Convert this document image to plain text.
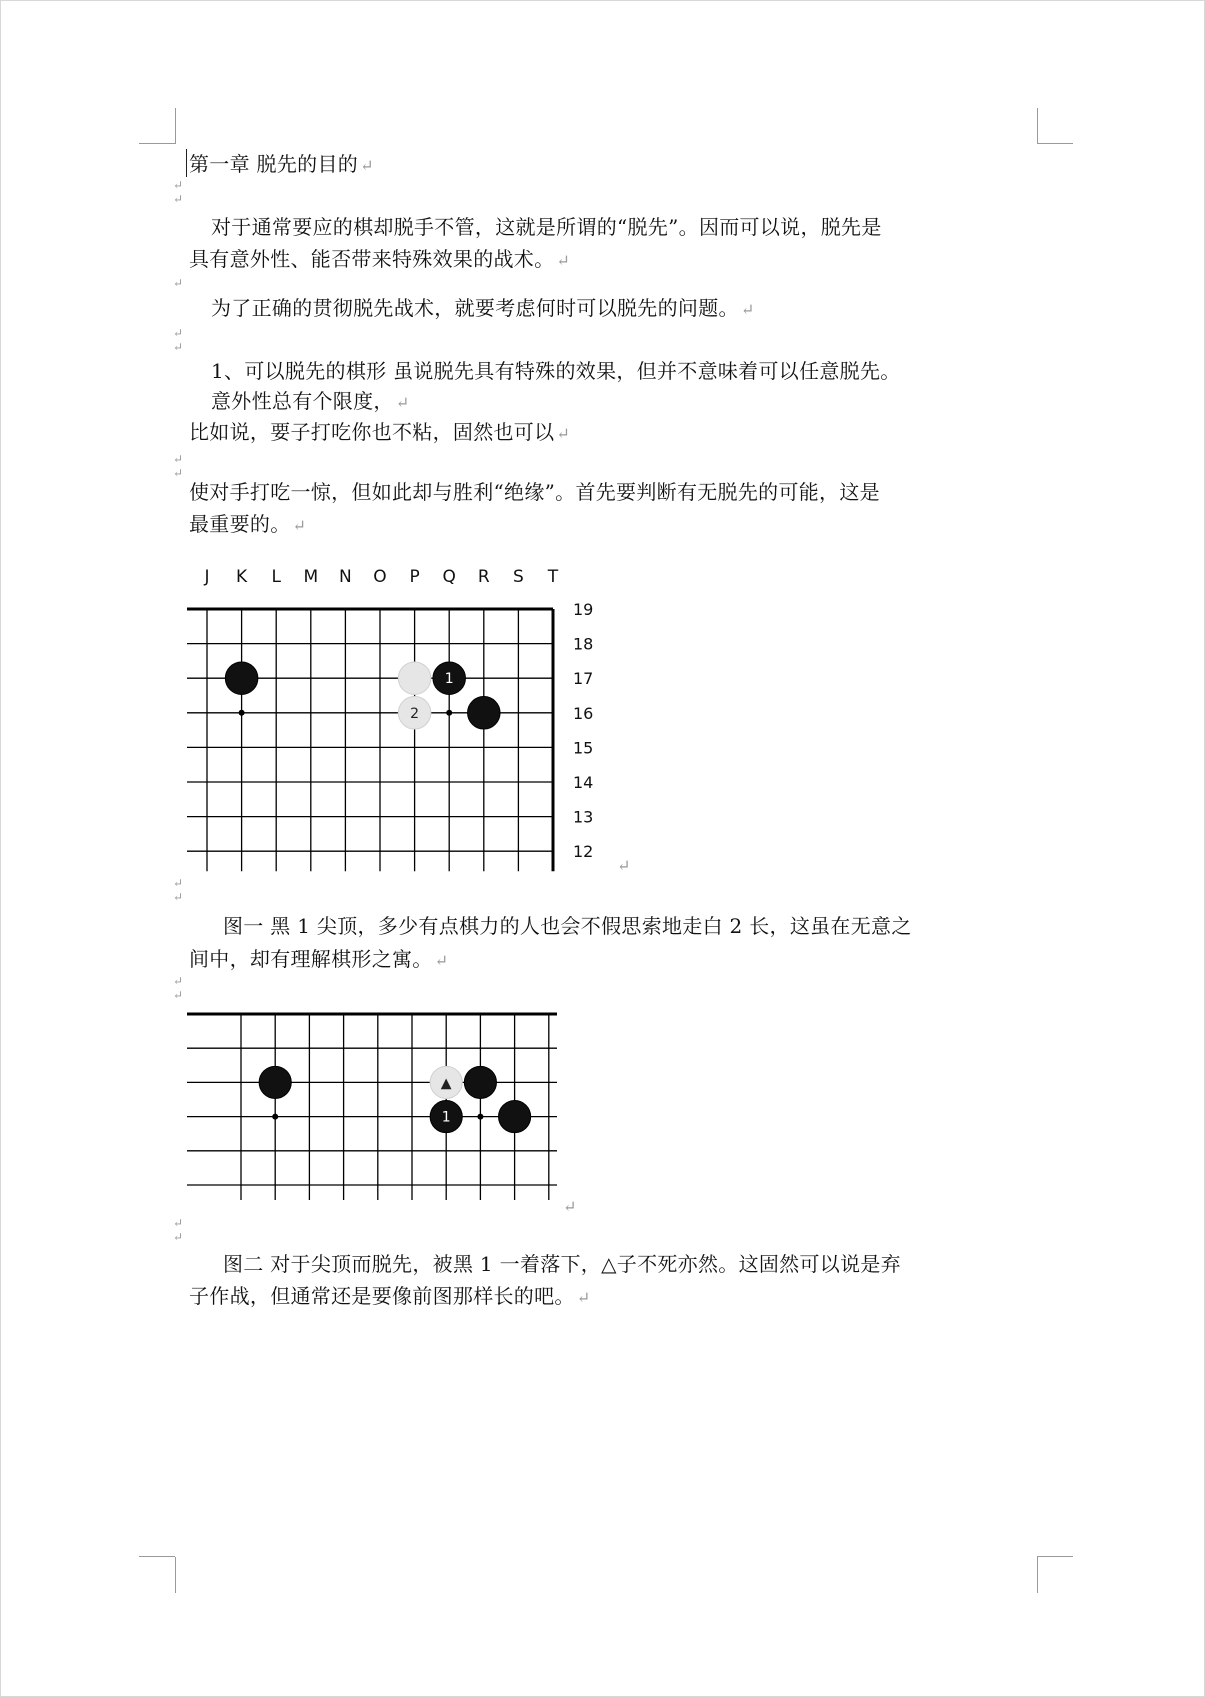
第一章 脱先的目的 ↵
↵
↵
对于通常要应的棋却脱手不管，这就是所谓的“脱先”。因而可以说，脱先是
具有意外性、能否带来特殊效果的战术。 ↵
↵
为了正确的贯彻脱先战术，就要考虑何时可以脱先的问题。 ↵
↵
↵
1、可以脱先的棋形 虽说脱先具有特殊的效果，但并不意味着可以任意脱先。
意外性总有个限度， ↵
比如说，要子打吃你也不粘，固然也可以 ↵
↵
↵
使对手打吃一惊，但如此却与胜利“绝缘”。首先要判断有无脱先的可能，这是
最重要的。 ↵
1
2
J K L M N O P Q R S T
19
18
17
16
15
14
13
12
↵
↵
↵
图一 黑 1 尖顶，多少有点棋力的人也会不假思索地走白 2 长，这虽在无意之
间中，却有理解棋形之寓。 ↵
↵
↵
▲
1
↵
↵
↵
图二 对于尖顶而脱先，被黑 1 一着落下，△子不死亦然。这固然可以说是弃
子作战，但通常还是要像前图那样长的吧。 ↵
